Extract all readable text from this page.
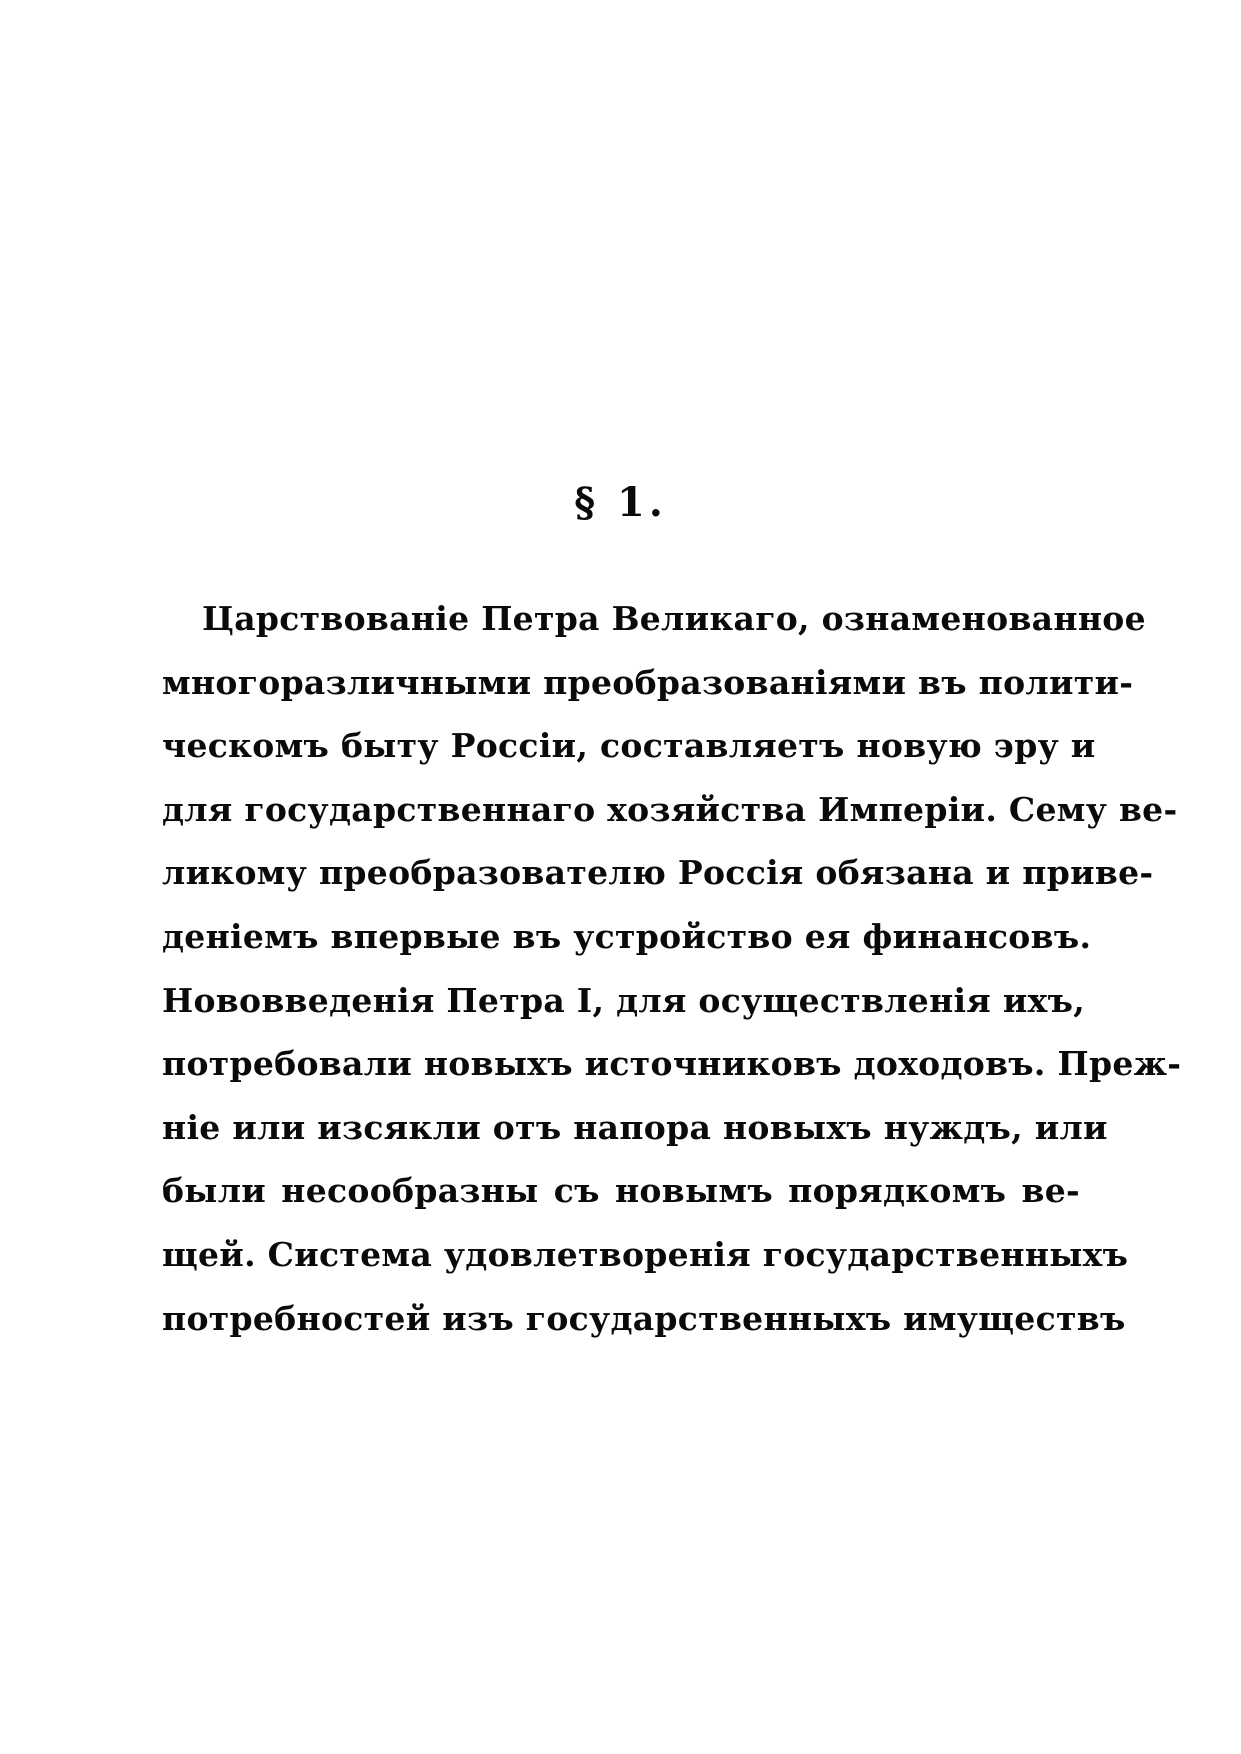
§ 1.
Царствованіе Петра Великаго, ознаменованное
многоразличными преобразованіями въ полити-
ческомъ быту Россіи, составляетъ новую эру и
для государственнаго хозяйства Имперіи. Сему ве-
ликому преобразователю Россія обязана и приве-
деніемъ впервые въ устройство ея финансовъ.
Нововведенія Петра I, для осуществленія ихъ,
потребовали новыхъ источниковъ доходовъ. Преж-
ніе или изсякли отъ напора новыхъ нуждъ, или
были несообразны съ новымъ порядкомъ ве-
щей. Система удовлетворенія государственныхъ
потребностей изъ государственныхъ имуществъ
